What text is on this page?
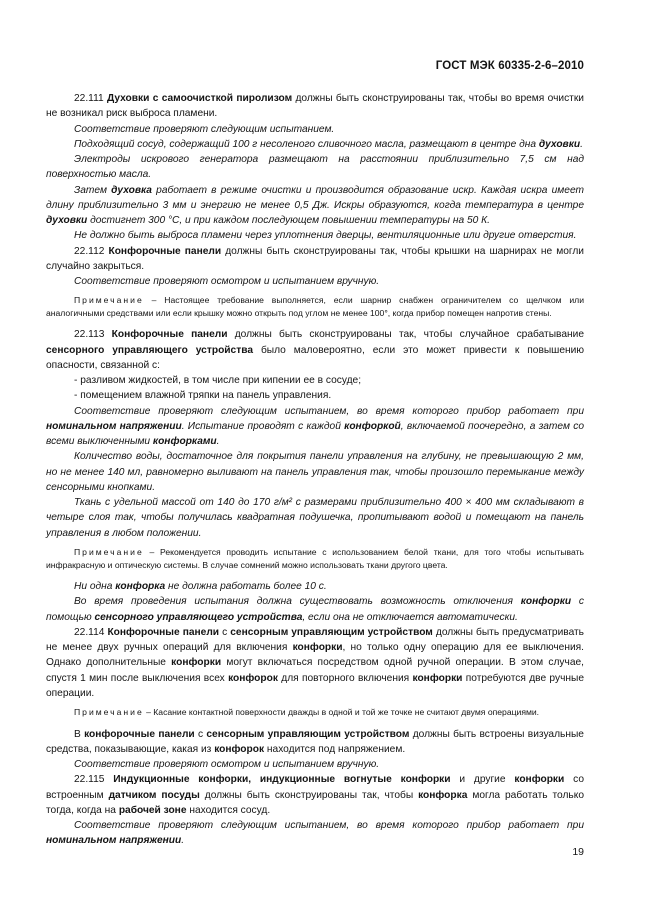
ГОСТ МЭК 60335-2-6–2010

22.111 Духовки с самоочисткой пиролизом должны быть сконструированы так, чтобы во время очистки не возникал риск выброса пламени.

Соответствие проверяют следующим испытанием.

Подходящий сосуд, содержащий 100 г несоленого сливочного масла, размещают в центре дна духовки.

Электроды искрового генератора размещают на расстоянии приблизительно 7,5 см над поверхностью масла.

Затем духовка работает в режиме очистки и производится образование искр. Каждая искра имеет длину приблизительно 3 мм и энергию не менее 0,5 Дж. Искры образуются, когда температура в центре духовки достигнет 300 °С, и при каждом последующем повышении температуры на 50 К.

Не должно быть выброса пламени через уплотнения дверцы, вентиляционные или другие отверстия.

22.112 Конфорочные панели должны быть сконструированы так, чтобы крышки на шарнирах не могли случайно закрыться.

Соответствие проверяют осмотром и испытанием вручную.

Примечание – Настоящее требование выполняется, если шарнир снабжен ограничителем со щелчком или аналогичными средствами или если крышку можно открыть под углом не менее 100°, когда прибор помещен напротив стены.

22.113 Конфорочные панели должны быть сконструированы так, чтобы случайное срабатывание сенсорного управляющего устройства было маловероятно, если это может привести к повышению опасности, связанной с:

- разливом жидкостей, в том числе при кипении ее в сосуде;

- помещением влажной тряпки на панель управления.

Соответствие проверяют следующим испытанием, во время которого прибор работает при номинальном напряжении. Испытание проводят с каждой конфоркой, включаемой поочередно, а затем со всеми выключенными конфорками.

Количество воды, достаточное для покрытия панели управления на глубину, не превышающую 2 мм, но не менее 140 мл, равномерно выливают на панель управления так, чтобы произошло перемыкание между сенсорными кнопками.

Ткань с удельной массой от 140 до 170 г/м² с размерами приблизительно 400 × 400 мм складывают в четыре слоя так, чтобы получилась квадратная подушечка, пропитывают водой и помещают на панель управления в любом положении.

Примечание – Рекомендуется проводить испытание с использованием белой ткани, для того чтобы испытывать инфракрасную и оптическую системы. В случае сомнений можно использовать ткани другого цвета.

Ни одна конфорка не должна работать более 10 с.

Во время проведения испытания должна существовать возможность отключения конфорки с помощью сенсорного управляющего устройства, если она не отключается автоматически.

22.114 Конфорочные панели с сенсорным управляющим устройством должны быть предусматривать не менее двух ручных операций для включения конфорки, но только одну операцию для ее выключения. Однако дополнительные конфорки могут включаться посредством одной ручной операции. В этом случае, спустя 1 мин после выключения всех конфорок для повторного включения конфорки потребуются две ручные операции.

Примечание – Касание контактной поверхности дважды в одной и той же точке не считают двумя операциями.

В конфорочные панели с сенсорным управляющим устройством должны быть встроены визуальные средства, показывающие, какая из конфорок находится под напряжением.

Соответствие проверяют осмотром и испытанием вручную.

22.115 Индукционные конфорки, индукционные вогнутые конфорки и другие конфорки со встроенным датчиком посуды должны быть сконструированы так, чтобы конфорка могла работать только тогда, когда на рабочей зоне находится сосуд.

Соответствие проверяют следующим испытанием, во время которого прибор работает при номинальном напряжении.

19
